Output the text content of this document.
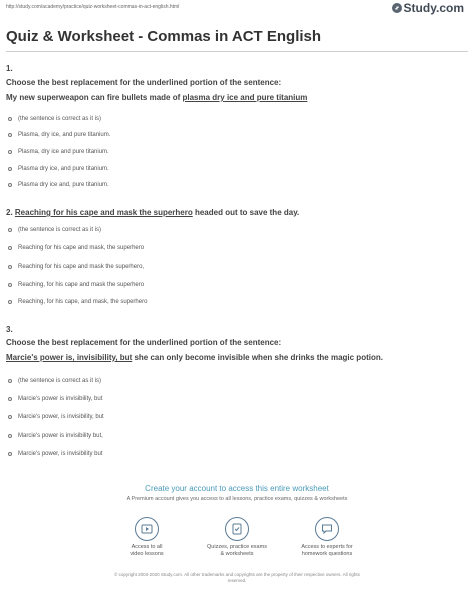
http://study.com/academy/practice/quiz-worksheet-commas-in-act-english.html	Study.com
Quiz & Worksheet - Commas in ACT English
1.
Choose the best replacement for the underlined portion of the sentence:
My new superweapon can fire bullets made of plasma dry ice and pure titanium
(the sentence is correct as it is)
Plasma, dry ice, and pure titanium.
Plasma, dry ice and pure titanium.
Plasma dry ice, and pure titanium.
Plasma dry ice and, pure titanium.
2. Reaching for his cape and mask the superhero headed out to save the day.
(the sentence is correct as it is)
Reaching for his cape and mask, the superhero
Reaching for his cape and mask the superhero,
Reaching, for his cape and mask the superhero
Reaching, for his cape, and mask, the superhero
3.
Choose the best replacement for the underlined portion of the sentence:
Marcie's power is, invisibility, but she can only become invisible when she drinks the magic potion.
(the sentence is correct as it is)
Marcie's power is invisibility, but
Marcie's power, is invisibility, but
Marcie's power is invisibility but,
Marcie's power, is invisibility but
Create your account to access this entire worksheet
A Premium account gives you access to all lessons, practice exams, quizzes & worksheets
Access to all
video lessons
Quizzes, practice exams
& worksheets
Access to experts for
homework questions
© copyright 2003-2020 Study.com. All other trademarks and copyrights are the property of their respective owners. All rights
reserved.
